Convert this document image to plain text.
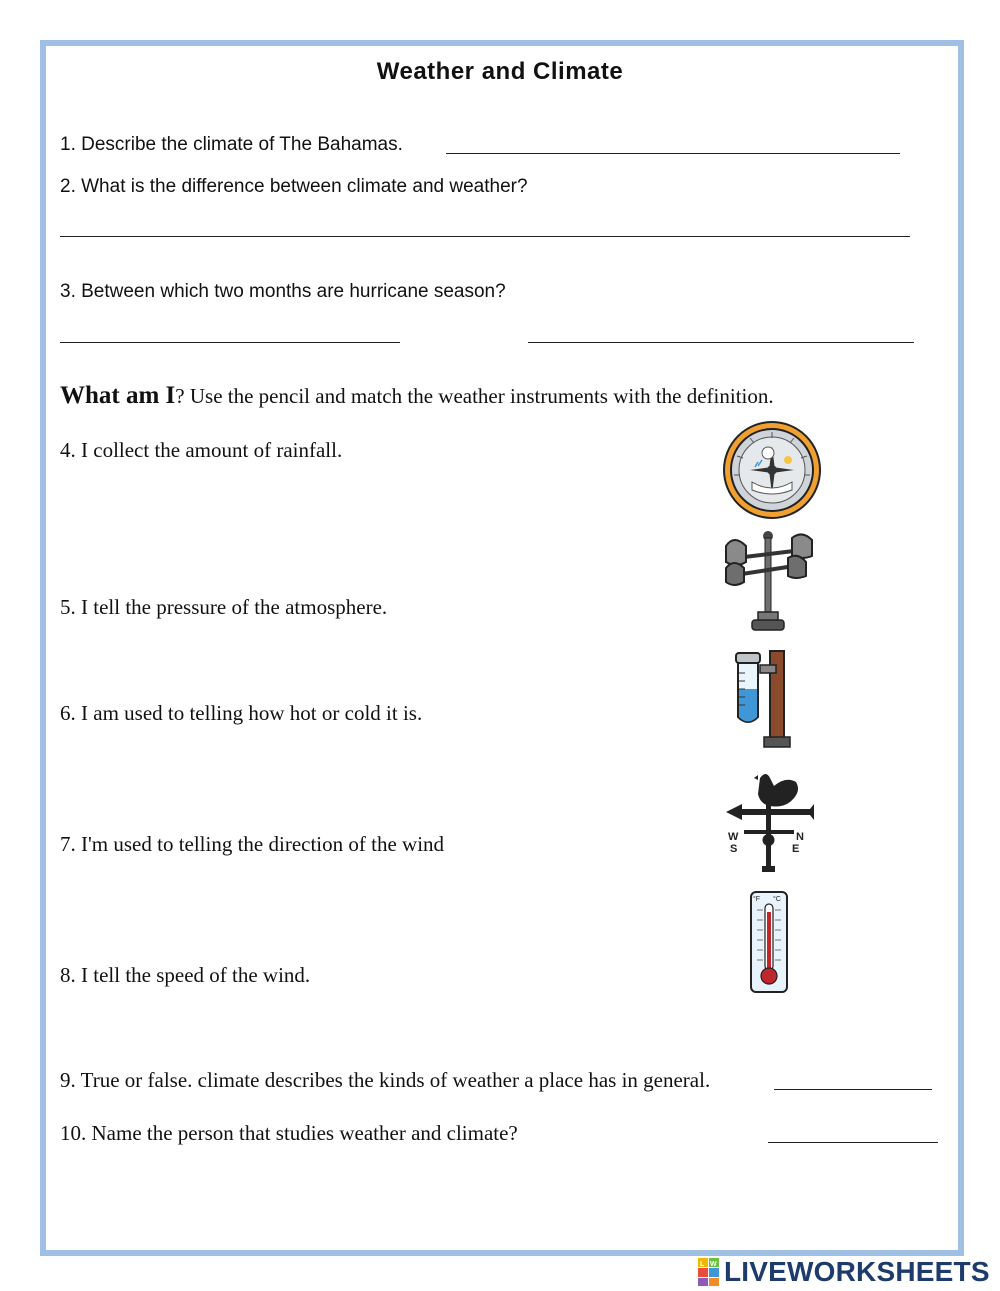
Weather and Climate
1. Describe the climate of The Bahamas.
2. What is the difference between climate and weather?
3. Between which two months are hurricane season?
What am I? Use the pencil and match the weather instruments with the definition.
4. I collect the amount of rainfall.
5. I tell the pressure of the atmosphere.
6. I am used to telling how hot or cold it is.
7. I'm used to telling the direction of the wind
8. I tell the speed of the wind.
W
S
N
E
°F °C
9. True or false. climate describes the kinds of weather a place has in general.
10. Name the person that studies weather and climate?
L W LIVEWORKSHEETS
